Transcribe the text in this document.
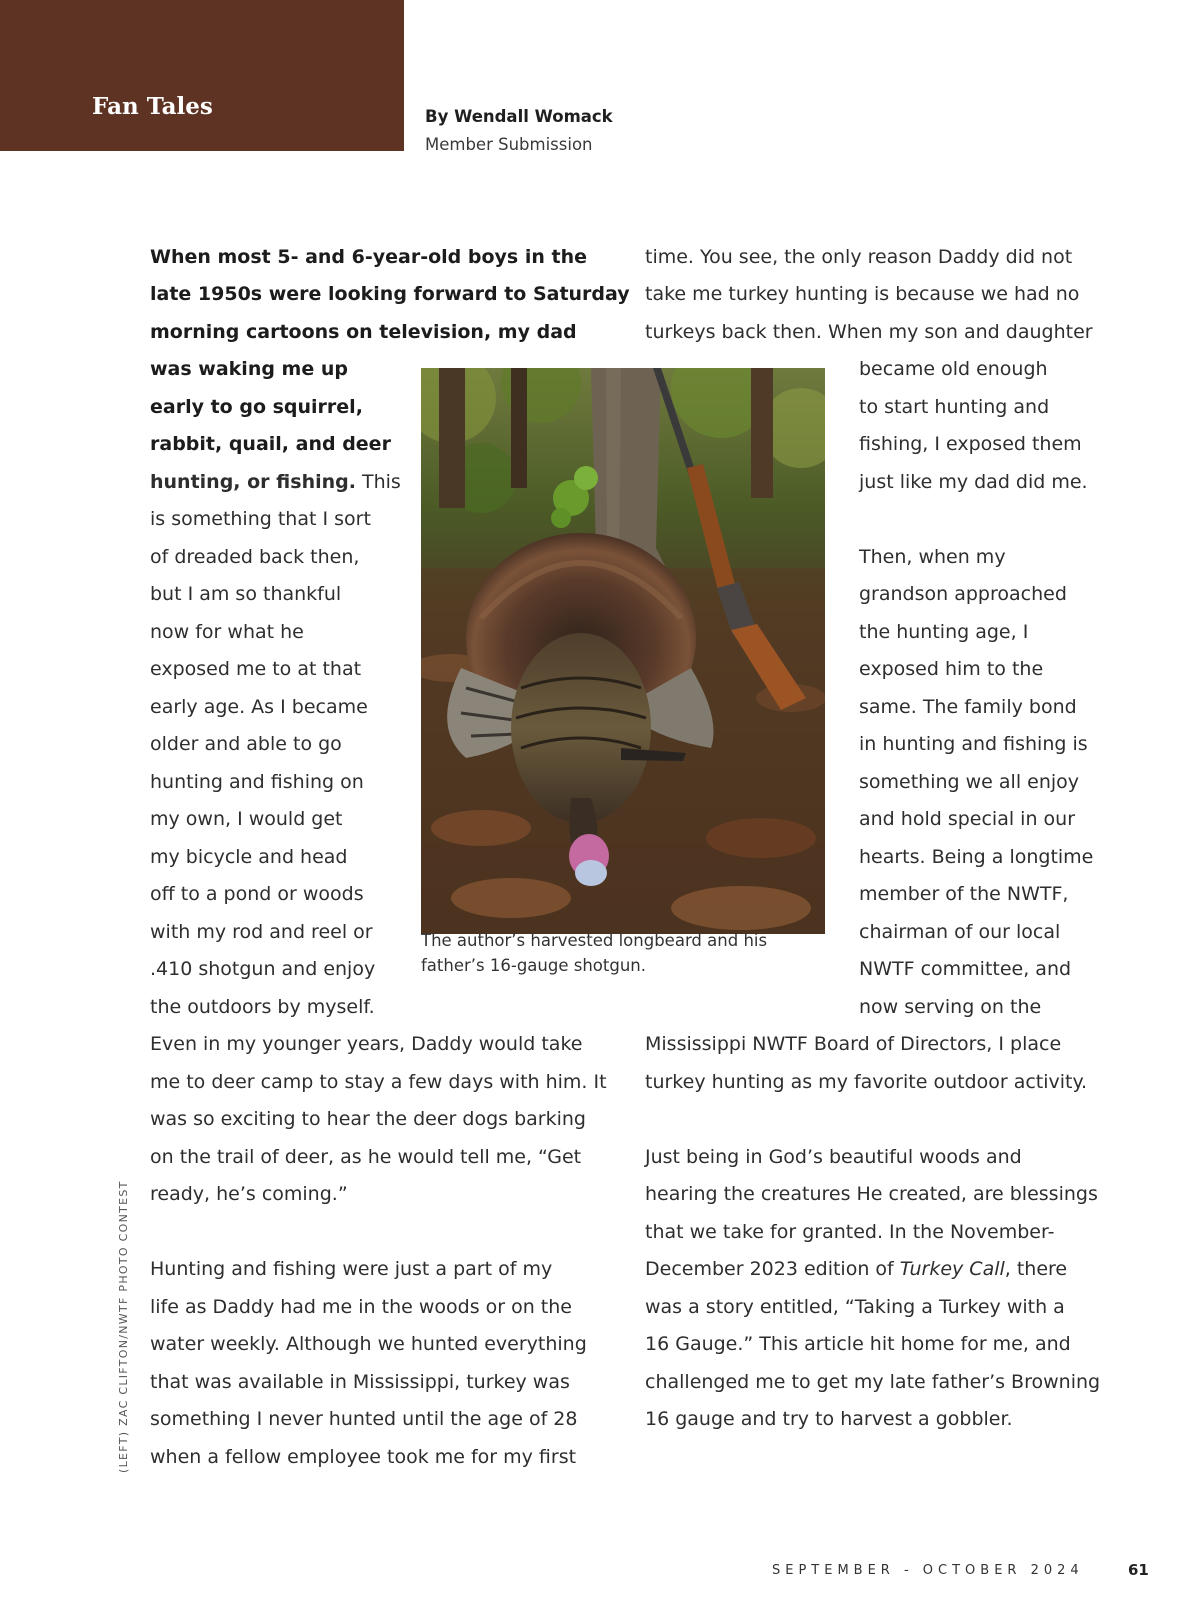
Fan Tales	By Wendall Womack
Member Submission
When most 5- and 6-year-old boys in the
late 1950s were looking forward to Saturday
morning cartoons on television, my dad
was waking me up
early to go squirrel,
rabbit, quail, and deer
hunting, or fishing. This
is something that I sort
of dreaded back then,
but I am so thankful
now for what he
exposed me to at that
early age. As I became
older and able to go
hunting and fishing on
my own, I would get
my bicycle and head
off to a pond or woods
with my rod and reel or
.410 shotgun and enjoy
the outdoors by myself.
Even in my younger years, Daddy would take
me to deer camp to stay a few days with him. It
was so exciting to hear the deer dogs barking
on the trail of deer, as he would tell me, “Get
ready, he’s coming.”
Hunting and fishing were just a part of my
life as Daddy had me in the woods or on the
water weekly. Although we hunted everything
that was available in Mississippi, turkey was
something I never hunted until the age of 28
when a fellow employee took me for my first
time. You see, the only reason Daddy did not
take me turkey hunting is because we had no
turkeys back then. When my son and daughter
became old enough
to start hunting and
fishing, I exposed them
just like my dad did me.
Then, when my
grandson approached
the hunting age, I
exposed him to the
same. The family bond
in hunting and fishing is
something we all enjoy
and hold special in our
hearts. Being a longtime
member of the NWTF,
chairman of our local
NWTF committee, and
now serving on the
Mississippi NWTF Board of Directors, I place
turkey hunting as my favorite outdoor activity.
Just being in God’s beautiful woods and
hearing the creatures He created, are blessings
that we take for granted. In the November-
December 2023 edition of Turkey Call, there
was a story entitled, “Taking a Turkey with a
16 Gauge.” This article hit home for me, and
challenged me to get my late father’s Browning
16 gauge and try to harvest a gobbler.
The author’s harvested longbeard and his
father’s 16-gauge shotgun.
(LEFT) ZAC CLIFTON/NWTF PHOTO CONTEST
SEPTEMBER - OCTOBER 2024	61
